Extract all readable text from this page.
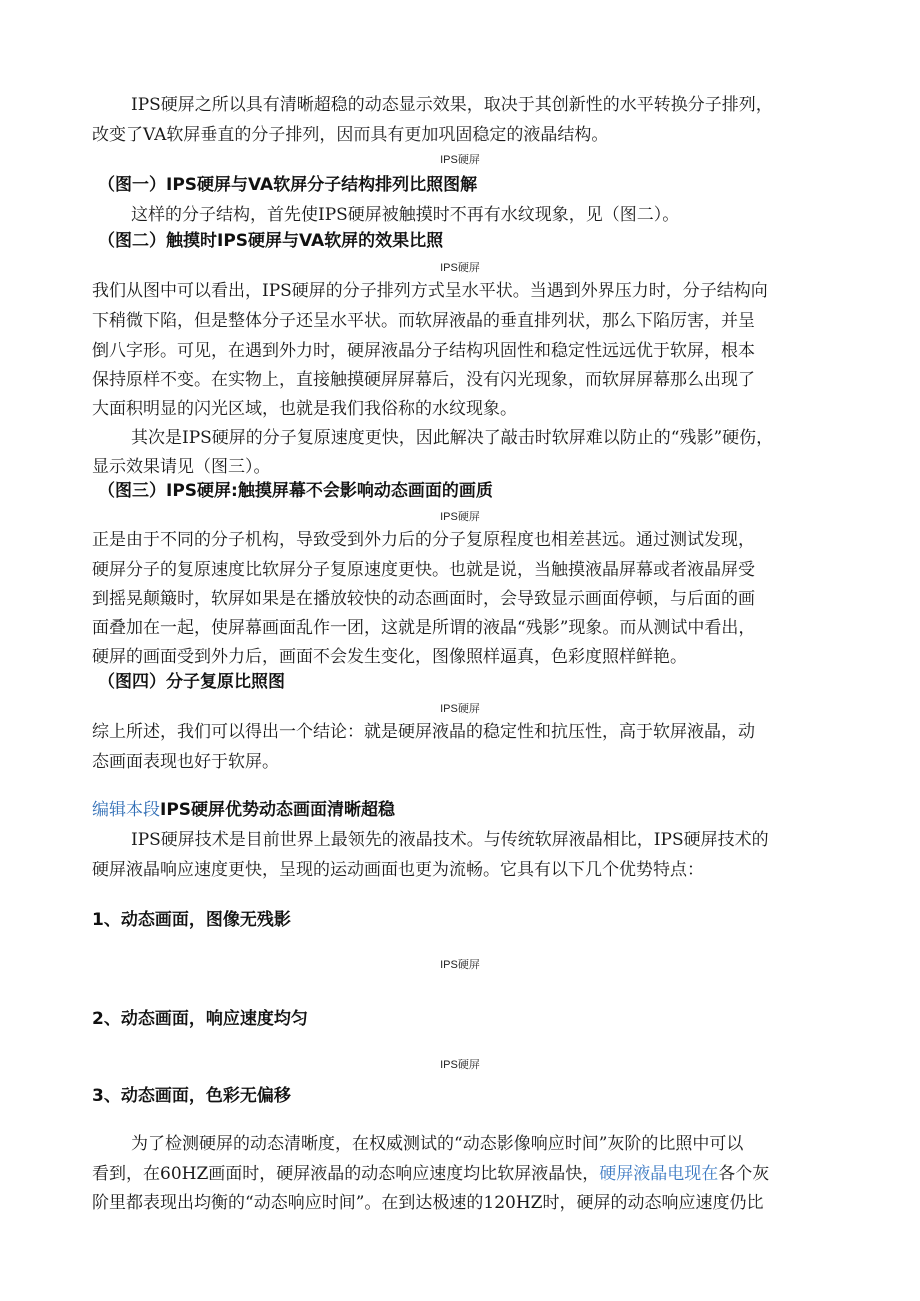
IPS硬屏之所以具有清晰超稳的动态显示效果，取决于其创新性的水平转换分子排列，
改变了VA软屏垂直的分子排列，因而具有更加巩固稳定的液晶结构。
IPS硬屏
（图一）IPS硬屏与VA软屏分子结构排列比照图解
这样的分子结构，首先使IPS硬屏被触摸时不再有水纹现象，见（图二）。
（图二）触摸时IPS硬屏与VA软屏的效果比照
IPS硬屏
我们从图中可以看出，IPS硬屏的分子排列方式呈水平状。当遇到外界压力时，分子结构向
下稍微下陷，但是整体分子还呈水平状。而软屏液晶的垂直排列状，那么下陷厉害，并呈
倒八字形。可见，在遇到外力时，硬屏液晶分子结构巩固性和稳定性远远优于软屏，根本
保持原样不变。在实物上，直接触摸硬屏屏幕后，没有闪光现象，而软屏屏幕那么出现了
大面积明显的闪光区域，也就是我们我俗称的水纹现象。
其次是IPS硬屏的分子复原速度更快，因此解决了敲击时软屏难以防止的“残影”硬伤，
显示效果请见（图三）。
（图三）IPS硬屏:触摸屏幕不会影响动态画面的画质
IPS硬屏
正是由于不同的分子机构，导致受到外力后的分子复原程度也相差甚远。通过测试发现，
硬屏分子的复原速度比软屏分子复原速度更快。也就是说，当触摸液晶屏幕或者液晶屏受
到摇晃颠簸时，软屏如果是在播放较快的动态画面时，会导致显示画面停顿，与后面的画
面叠加在一起，使屏幕画面乱作一团，这就是所谓的液晶“残影”现象。而从测试中看出，
硬屏的画面受到外力后，画面不会发生变化，图像照样逼真，色彩度照样鲜艳。
（图四）分子复原比照图
IPS硬屏
综上所述，我们可以得出一个结论：就是硬屏液晶的稳定性和抗压性，高于软屏液晶，动
态画面表现也好于软屏。
编辑本段IPS硬屏优势动态画面清晰超稳
IPS硬屏技术是目前世界上最领先的液晶技术。与传统软屏液晶相比，IPS硬屏技术的
硬屏液晶响应速度更快，呈现的运动画面也更为流畅。它具有以下几个优势特点：
1、动态画面，图像无残影
IPS硬屏
2、动态画面，响应速度均匀
IPS硬屏
3、动态画面，色彩无偏移
为了检测硬屏的动态清晰度，在权威测试的“动态影像响应时间”灰阶的比照中可以
看到，在60HZ画面时，硬屏液晶的动态响应速度均比软屏液晶快，硬屏液晶电现在各个灰
阶里都表现出均衡的“动态响应时间”。在到达极速的120HZ时，硬屏的动态响应速度仍比
